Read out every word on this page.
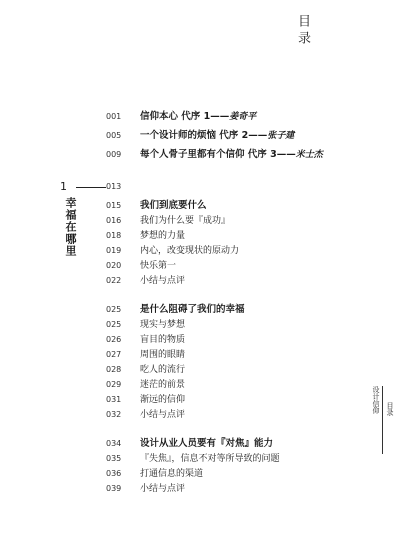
目录
001	信仰本心 代序 1——姜奇平
005	一个设计师的烦恼 代序 2——张子建
009	每个人骨子里都有个信仰 代序 3——米士杰
1	013
幸福在哪里	015	我们到底要什么
016	我们为什么要『成功』
018	梦想的力量
019	内心，改变现状的原动力
020	快乐第一
022	小结与点评
025	是什么阻碍了我们的幸福
025	现实与梦想
026	盲目的物质
027	周围的眼睛
028	吃人的流行
029	迷茫的前景
031	渐远的信仰
032	小结与点评
034	设计从业人员要有『对焦』能力
035	『失焦』，信息不对等所导致的问题
036	打通信息的渠道
039	小结与点评
设计信仰 目录
